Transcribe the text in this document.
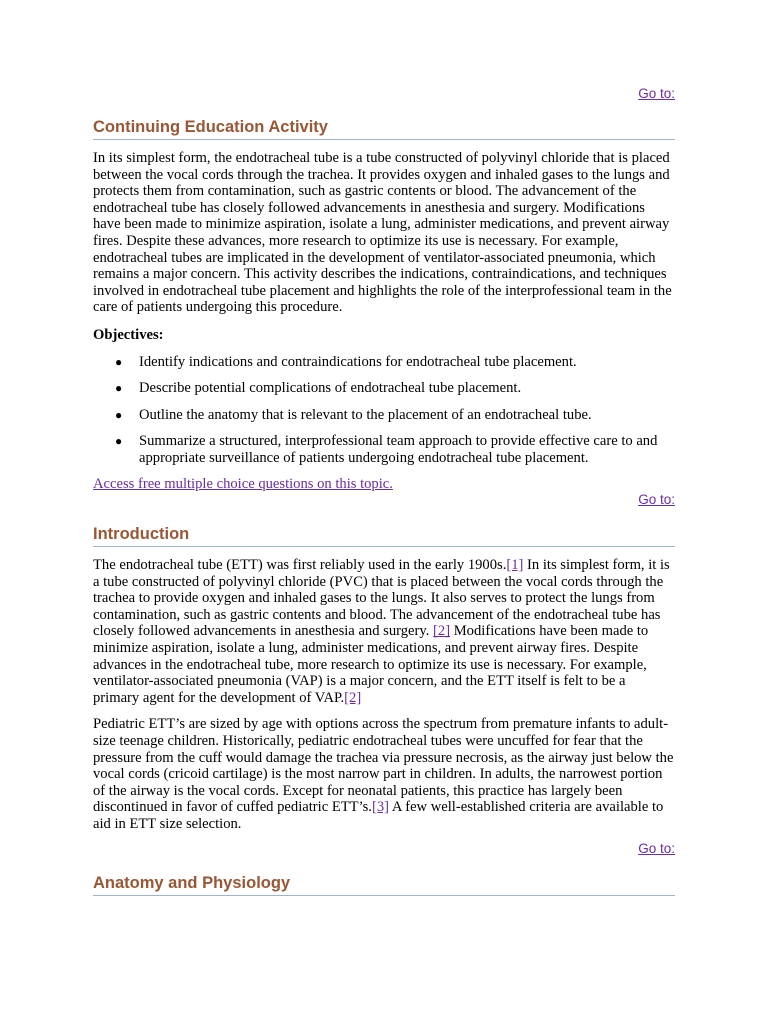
Go to:

Continuing Education Activity

In its simplest form, the endotracheal tube is a tube constructed of polyvinyl chloride that is placed between the vocal cords through the trachea. It provides oxygen and inhaled gases to the lungs and protects them from contamination, such as gastric contents or blood. The advancement of the endotracheal tube has closely followed advancements in anesthesia and surgery. Modifications have been made to minimize aspiration, isolate a lung, administer medications, and prevent airway fires. Despite these advances, more research to optimize its use is necessary. For example, endotracheal tubes are implicated in the development of ventilator-associated pneumonia, which remains a major concern. This activity describes the indications, contraindications, and techniques involved in endotracheal tube placement and highlights the role of the interprofessional team in the care of patients undergoing this procedure.

Objectives:

● Identify indications and contraindications for endotracheal tube placement.
● Describe potential complications of endotracheal tube placement.
● Outline the anatomy that is relevant to the placement of an endotracheal tube.
● Summarize a structured, interprofessional team approach to provide effective care to and appropriate surveillance of patients undergoing endotracheal tube placement.

Access free multiple choice questions on this topic.

Go to:

Introduction

The endotracheal tube (ETT) was first reliably used in the early 1900s.[1] In its simplest form, it is a tube constructed of polyvinyl chloride (PVC) that is placed between the vocal cords through the trachea to provide oxygen and inhaled gases to the lungs. It also serves to protect the lungs from contamination, such as gastric contents and blood. The advancement of the endotracheal tube has closely followed advancements in anesthesia and surgery. [2] Modifications have been made to minimize aspiration, isolate a lung, administer medications, and prevent airway fires. Despite advances in the endotracheal tube, more research to optimize its use is necessary. For example, ventilator-associated pneumonia (VAP) is a major concern, and the ETT itself is felt to be a primary agent for the development of VAP.[2]

Pediatric ETT’s are sized by age with options across the spectrum from premature infants to adult-size teenage children. Historically, pediatric endotracheal tubes were uncuffed for fear that the pressure from the cuff would damage the trachea via pressure necrosis, as the airway just below the vocal cords (cricoid cartilage) is the most narrow part in children. In adults, the narrowest portion of the airway is the vocal cords. Except for neonatal patients, this practice has largely been discontinued in favor of cuffed pediatric ETT’s.[3] A few well-established criteria are available to aid in ETT size selection.

Go to:

Anatomy and Physiology
